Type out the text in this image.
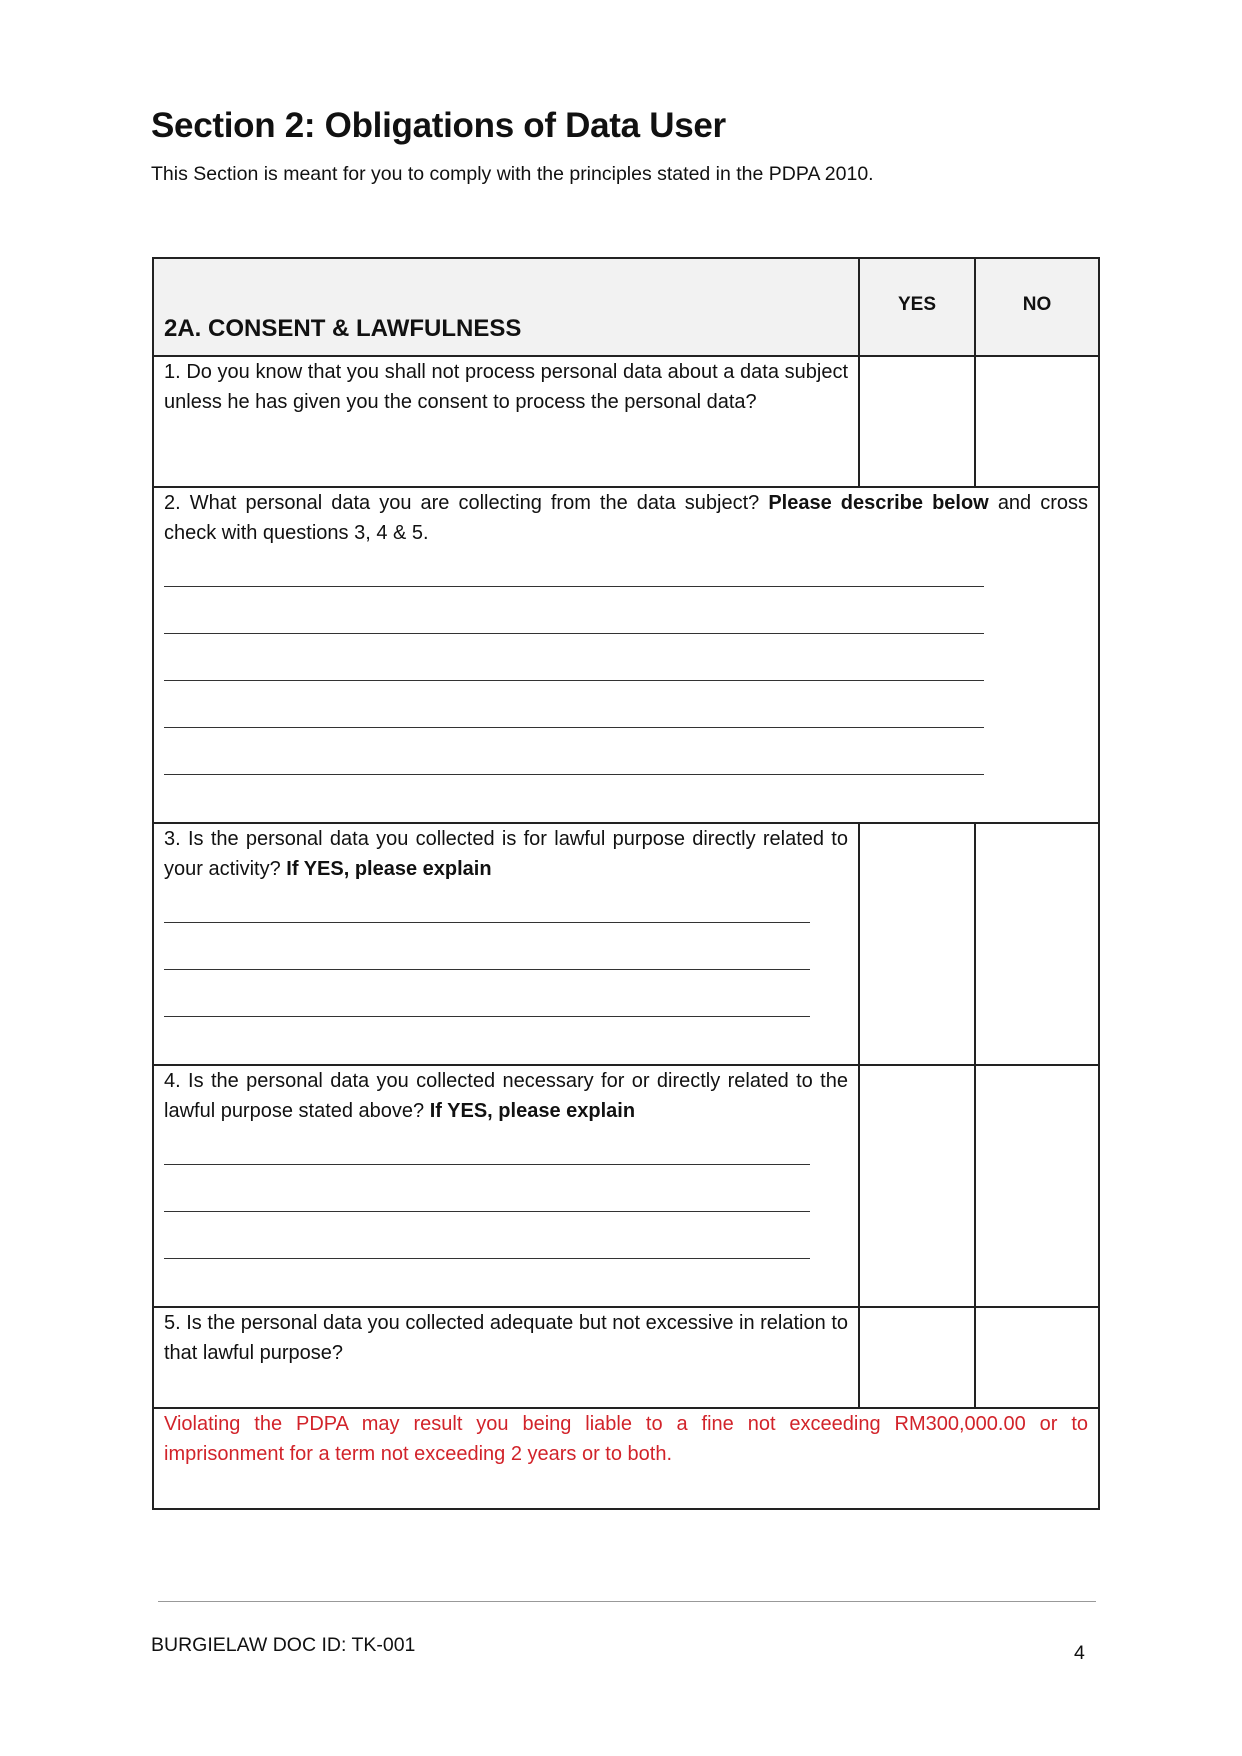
Section 2: Obligations of Data User

This Section is meant for you to comply with the principles stated in the PDPA 2010.

2A. CONSENT & LAWFULNESS	YES	NO
1. Do you know that you shall not process personal data about a data subject unless he has given you the consent to process the personal data?		
2. What personal data you are collecting from the data subject? Please describe below and cross check with questions 3, 4 & 5.		

3. Is the personal data you collected is for lawful purpose directly related to your activity? If YES, please explain

4. Is the personal data you collected necessary for or directly related to the lawful purpose stated above? If YES, please explain

5. Is the personal data you collected adequate but not excessive in relation to that lawful purpose?		
Violating the PDPA may result you being liable to a fine not exceeding RM300,000.00 or to imprisonment for a term not exceeding 2 years or to both.		

BURGIELAW DOC ID: TK-001	4
